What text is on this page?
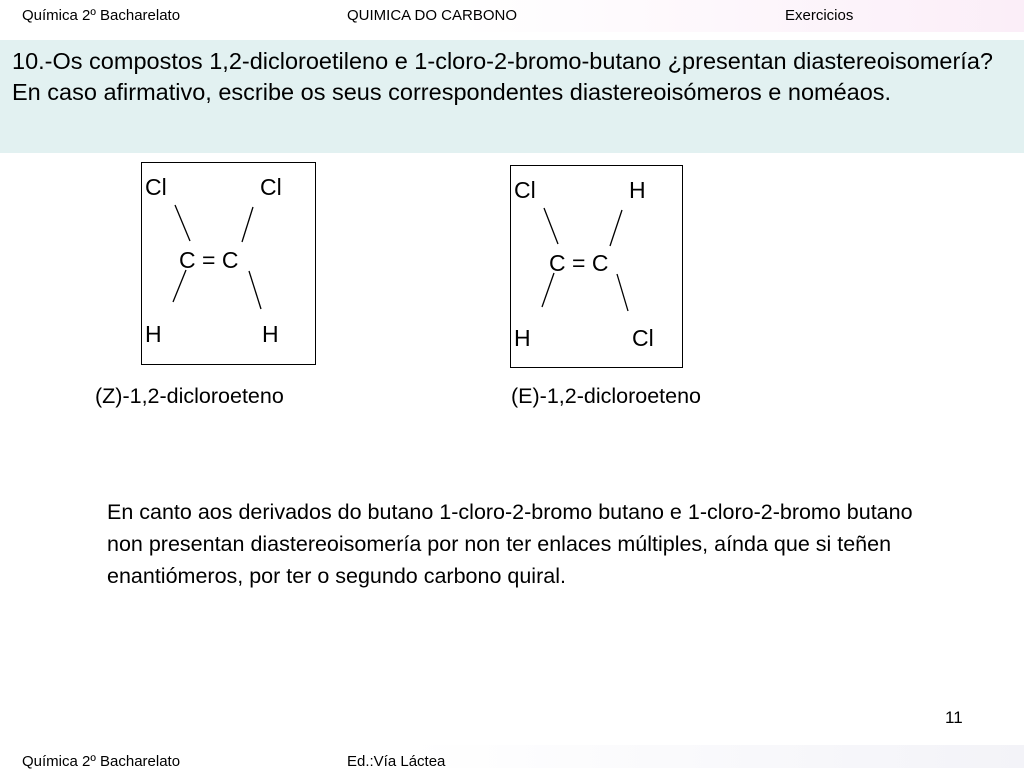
Química 2º Bacharelato	QUIMICA DO CARBONO	Exercicios
10.-Os compostos 1,2-dicloroetileno e 1-cloro-2-bromo-butano ¿presentan diastereoisomería? En caso afirmativo, escribe os seus correspondentes diastereoisómeros e noméaos.
Cl	Cl
C = C
H	H
(Z)-1,2-dicloroeteno
Cl	H
C = C
H	Cl
(E)-1,2-dicloroeteno
En canto aos derivados do butano 1-cloro-2-bromo butano e 1-cloro-2-bromo butano non presentan diastereoisomería por non ter enlaces múltiples, aínda que si teñen enantiómeros, por ter o segundo carbono quiral.
11
Química 2º Bacharelato	Ed.:Vía Láctea
